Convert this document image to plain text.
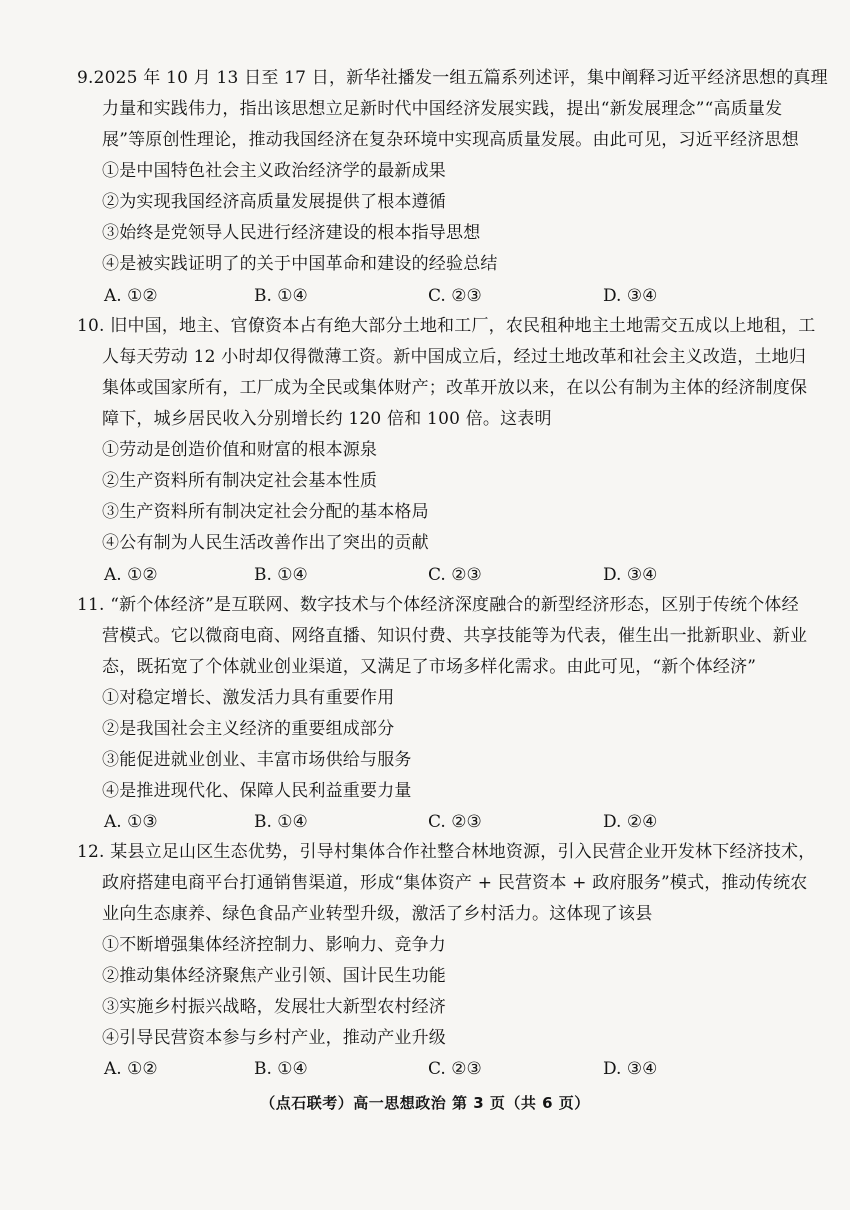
9.2025 年 10 月 13 日至 17 日，新华社播发一组五篇系列述评，集中阐释习近平经济思想的真理
力量和实践伟力，指出该思想立足新时代中国经济发展实践，提出“新发展理念”“高质量发
展”等原创性理论，推动我国经济在复杂环境中实现高质量发展。由此可见，习近平经济思想
①是中国特色社会主义政治经济学的最新成果
②为实现我国经济高质量发展提供了根本遵循
③始终是党领导人民进行经济建设的根本指导思想
④是被实践证明了的关于中国革命和建设的经验总结
A. ①②	B. ①④	C. ②③	D. ③④
10. 旧中国，地主、官僚资本占有绝大部分土地和工厂，农民租种地主土地需交五成以上地租，工
人每天劳动 12 小时却仅得微薄工资。新中国成立后，经过土地改革和社会主义改造，土地归
集体或国家所有，工厂成为全民或集体财产；改革开放以来，在以公有制为主体的经济制度保
障下，城乡居民收入分别增长约 120 倍和 100 倍。这表明
①劳动是创造价值和财富的根本源泉
②生产资料所有制决定社会基本性质
③生产资料所有制决定社会分配的基本格局
④公有制为人民生活改善作出了突出的贡献
A. ①②	B. ①④	C. ②③	D. ③④
11. “新个体经济”是互联网、数字技术与个体经济深度融合的新型经济形态，区别于传统个体经
营模式。它以微商电商、网络直播、知识付费、共享技能等为代表，催生出一批新职业、新业
态，既拓宽了个体就业创业渠道，又满足了市场多样化需求。由此可见，“新个体经济”
①对稳定增长、激发活力具有重要作用
②是我国社会主义经济的重要组成部分
③能促进就业创业、丰富市场供给与服务
④是推进现代化、保障人民利益重要力量
A. ①③	B. ①④	C. ②③	D. ②④
12. 某县立足山区生态优势，引导村集体合作社整合林地资源，引入民营企业开发林下经济技术，
政府搭建电商平台打通销售渠道，形成“集体资产 + 民营资本 + 政府服务”模式，推动传统农
业向生态康养、绿色食品产业转型升级，激活了乡村活力。这体现了该县
①不断增强集体经济控制力、影响力、竞争力
②推动集体经济聚焦产业引领、国计民生功能
③实施乡村振兴战略，发展壮大新型农村经济
④引导民营资本参与乡村产业，推动产业升级
A. ①②	B. ①④	C. ②③	D. ③④
（点石联考）高一思想政治 第 3 页（共 6 页）
